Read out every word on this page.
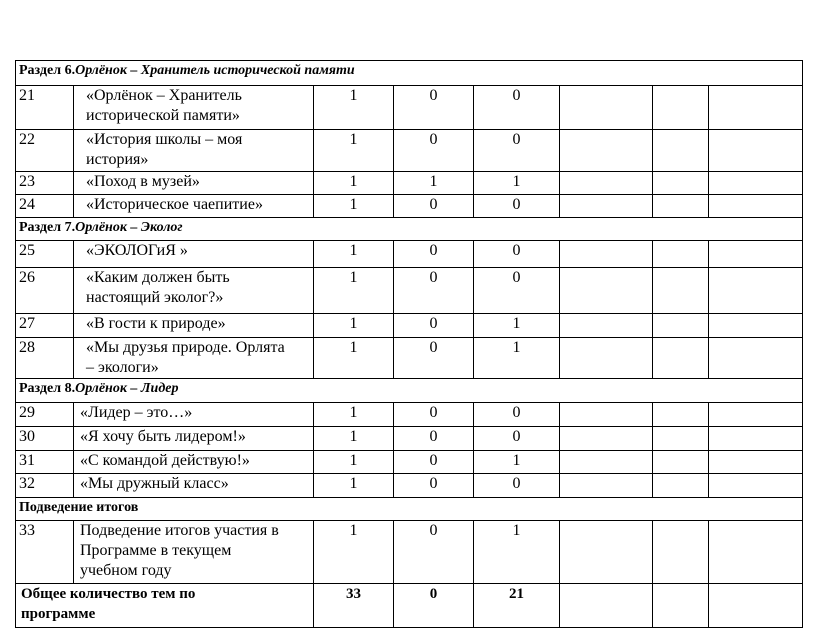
Раздел 6.Орлёнок – Хранитель исторической памяти							
21	«Орлёнок – Хранитель
исторической памяти»	1	0	0			
22	«История школы – моя
история»	1	0	0			
23	«Поход в музей»	1	1	1			
24	«Историческое чаепитие»	1	0	0			
Раздел 7.Орлёнок – Эколог							
25	«ЭКОЛОГиЯ »	1	0	0			
26	«Каким должен быть
настоящий эколог?»	1	0	0			
27	«В гости к природе»	1	0	1			
28	«Мы друзья природе. Орлята
– экологи»	1	0	1			
Раздел 8.Орлёнок – Лидер							
29	«Лидер – это…»	1	0	0			
30	«Я хочу быть лидером!»	1	0	0			
31	«С командой действую!»	1	0	1			
32	«Мы дружный класс»	1	0	0			
Подведение итогов							
33	Подведение итогов участия в
Программе в текущем
учебном году	1	0	1			
Общее количество тем по
программе		33	0	21			
